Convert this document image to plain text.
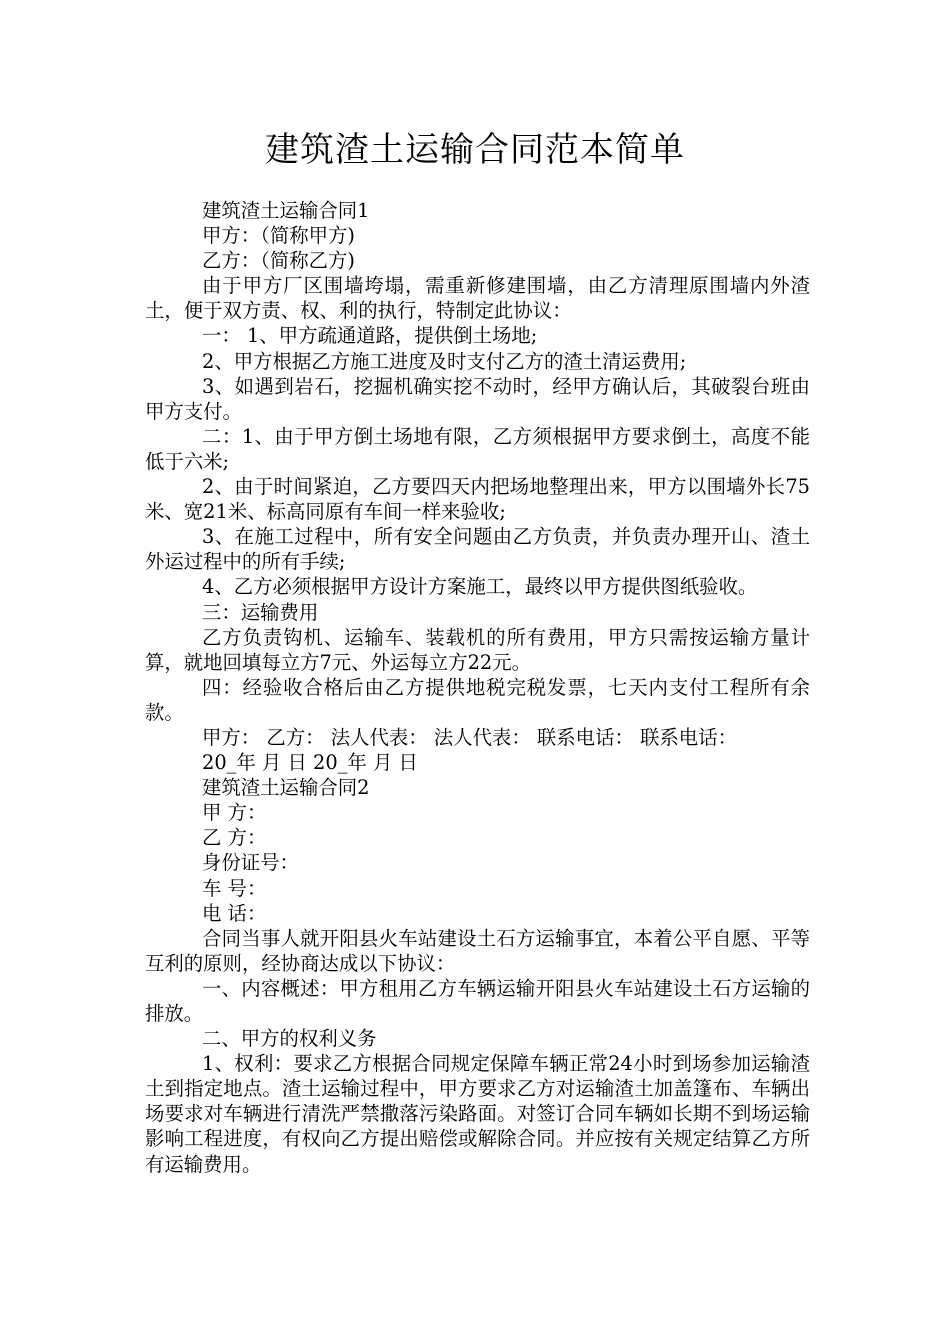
建筑渣土运输合同范本简单

建筑渣土运输合同1

甲方：（简称甲方)

乙方：（简称乙方)

由于甲方厂区围墙垮塌，需重新修建围墙，由乙方清理原围墙内外渣土，便于双方责、权、利的执行，特制定此协议：

一： 1、甲方疏通道路，提供倒土场地;

2、甲方根据乙方施工进度及时支付乙方的渣土清运费用;

3、如遇到岩石，挖掘机确实挖不动时，经甲方确认后，其破裂台班由甲方支付。

二：1、由于甲方倒土场地有限，乙方须根据甲方要求倒土，高度不能低于六米;

2、由于时间紧迫，乙方要四天内把场地整理出来，甲方以围墙外长75米、宽21米、标高同原有车间一样来验收;

3、在施工过程中，所有安全问题由乙方负责，并负责办理开山、渣土外运过程中的所有手续;

4、乙方必须根据甲方设计方案施工，最终以甲方提供图纸验收。

三：运输费用

乙方负责钩机、运输车、装载机的所有费用，甲方只需按运输方量计算，就地回填每立方7元、外运每立方22元。

四：经验收合格后由乙方提供地税完税发票，七天内支付工程所有余款。

甲方： 乙方： 法人代表： 法人代表： 联系电话： 联系电话：

20_年 月 日 20_年 月 日

建筑渣土运输合同2

甲 方：

乙 方：

身份证号：

车 号：

电 话：

合同当事人就开阳县火车站建设土石方运输事宜，本着公平自愿、平等互利的原则，经协商达成以下协议：

一、内容概述：甲方租用乙方车辆运输开阳县火车站建设土石方运输的排放。

二、甲方的权利义务

1、权利：要求乙方根据合同规定保障车辆正常24小时到场参加运输渣土到指定地点。渣土运输过程中，甲方要求乙方对运输渣土加盖篷布、车辆出场要求对车辆进行清洗严禁撒落污染路面。对签订合同车辆如长期不到场运输影响工程进度，有权向乙方提出赔偿或解除合同。并应按有关规定结算乙方所有运输费用。
